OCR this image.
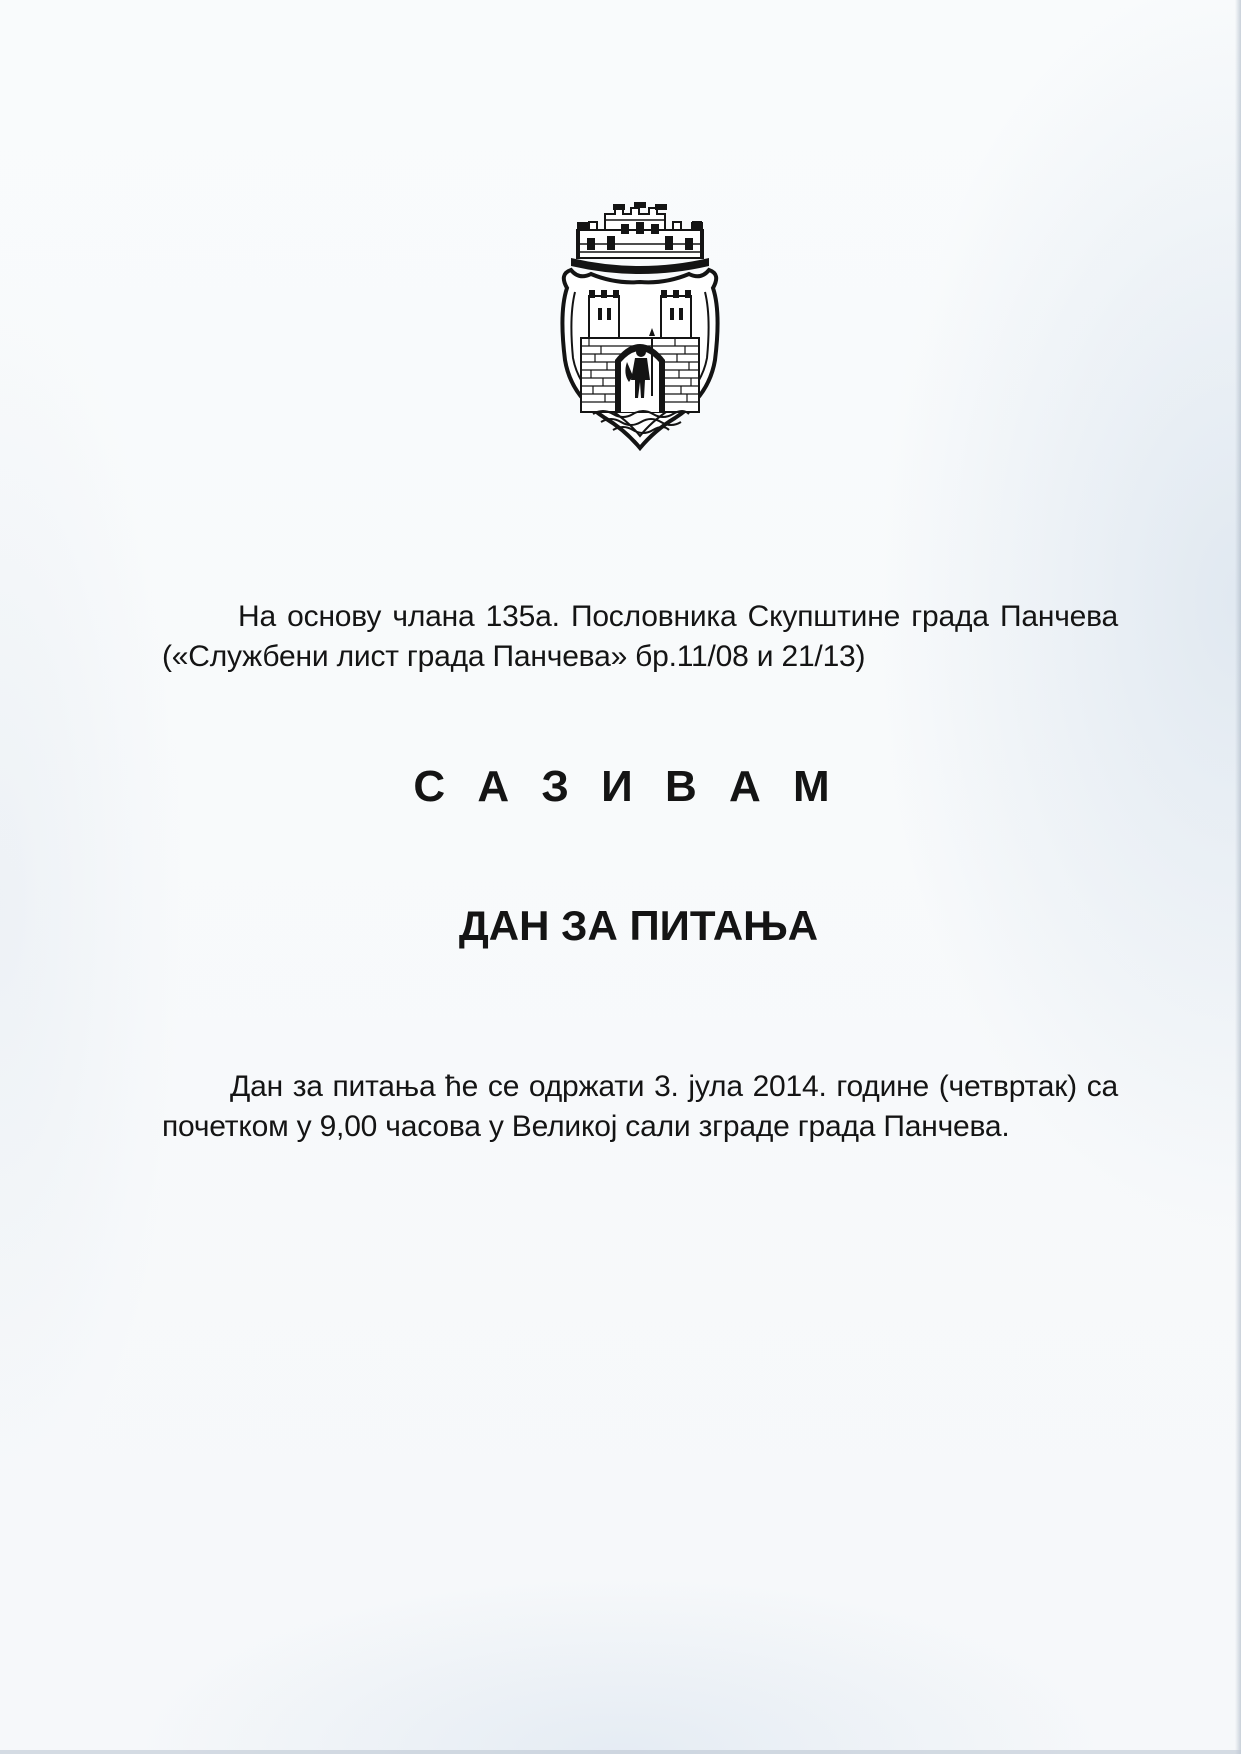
На основу члана 135а. Пословника Скупштине града Панчева («Службени лист града Панчева» бр.11/08 и 21/13)

С А З И В А М
ДАН ЗА ПИТАЊА

Дан за питања ће се одржати 3. јула 2014. године (четвртак) са почетком у 9,00 часова у Великој сали зграде града Панчева.
